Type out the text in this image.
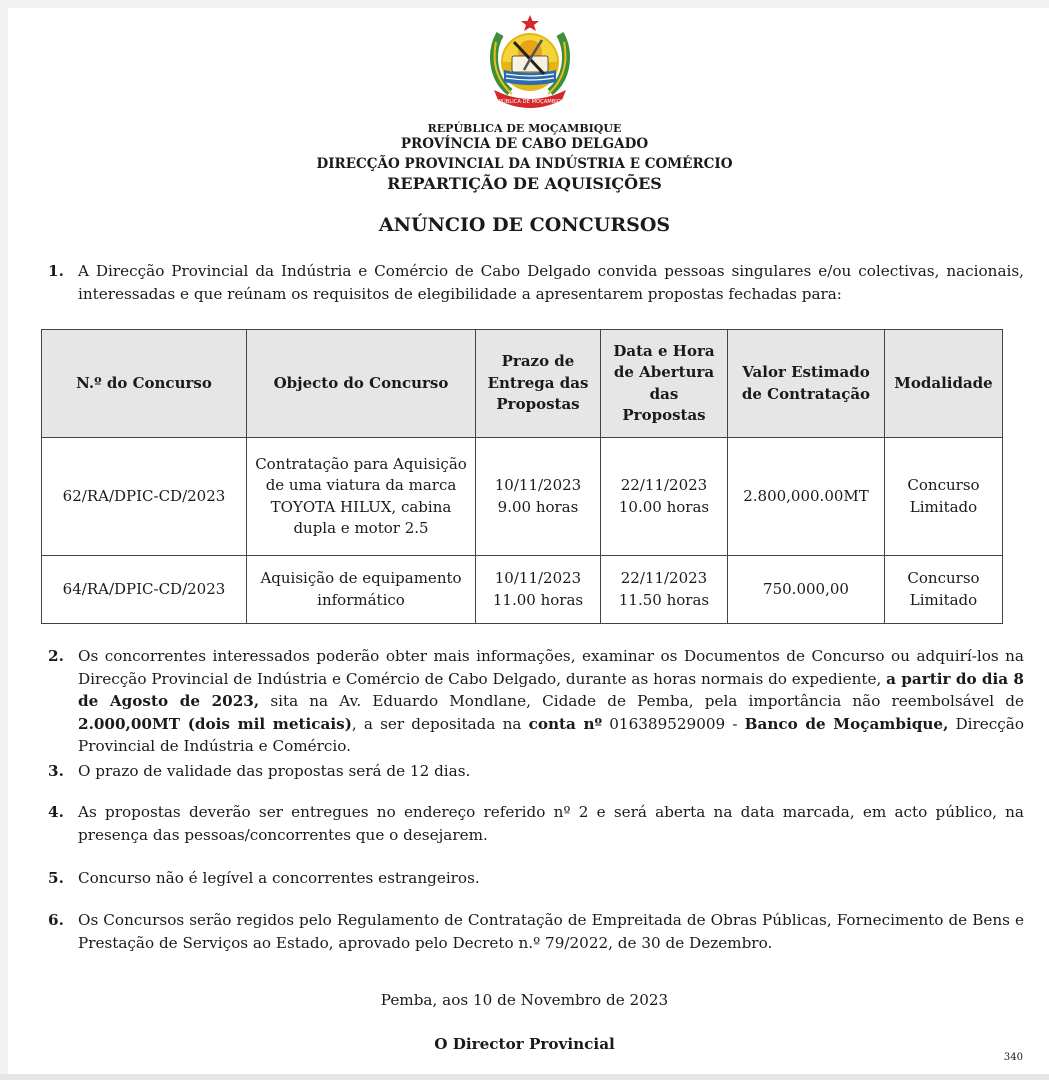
REPÚBLICA DE MOÇAMBIQUE
REPÚBLICA DE MOÇAMBIQUE
PROVÍNCIA DE CABO DELGADO
DIRECÇÃO PROVINCIAL DA INDÚSTRIA E COMÉRCIO
REPARTIÇÃO DE AQUISIÇÕES
ANÚNCIO DE CONCURSOS
1. A Direcção Provincial da Indústria e Comércio de Cabo Delgado convida pessoas singulares e/ou colectivas, nacionais, interessadas e que reúnam os requisitos de elegibilidade a apresentarem propostas fechadas para:
N.º do Concurso	Objecto do Concurso	Prazo de Entrega das Propostas	Data e Hora de Abertura das Propostas	Valor Estimado de Contratação	Modalidade
62/RA/DPIC-CD/2023	Contratação para Aquisição de uma viatura da marca TOYOTA HILUX, cabina dupla e motor 2.5	10/11/2023 9.00 horas	22/11/2023 10.00 horas	2.800,000.00MT	Concurso Limitado
64/RA/DPIC-CD/2023	Aquisição de equipamento informático	10/11/2023 11.00 horas	22/11/2023 11.50 horas	750.000,00	Concurso Limitado
2. Os concorrentes interessados poderão obter mais informações, examinar os Documentos de Concurso ou adquirí-los na Direcção Provincial de Indústria e Comércio de Cabo Delgado, durante as horas normais do expediente, a partir do dia 8 de Agosto de 2023, sita na Av. Eduardo Mondlane, Cidade de Pemba, pela importância não reembolsável de 2.000,00MT (dois mil meticais), a ser depositada na conta nº 016389529009 - Banco de Moçambique, Direcção Provincial de Indústria e Comércio.
3. O prazo de validade das propostas será de 12 dias.
4. As propostas deverão ser entregues no endereço referido nº 2 e será aberta na data marcada, em acto público, na presença das pessoas/concorrentes que o desejarem.
5. Concurso não é legível a concorrentes estrangeiros.
6. Os Concursos serão regidos pelo Regulamento de Contratação de Empreitada de Obras Públicas, Fornecimento de Bens e Prestação de Serviços ao Estado, aprovado pelo Decreto n.º 79/2022, de 30 de Dezembro.
Pemba, aos 10 de Novembro de 2023
O Director Provincial
340
